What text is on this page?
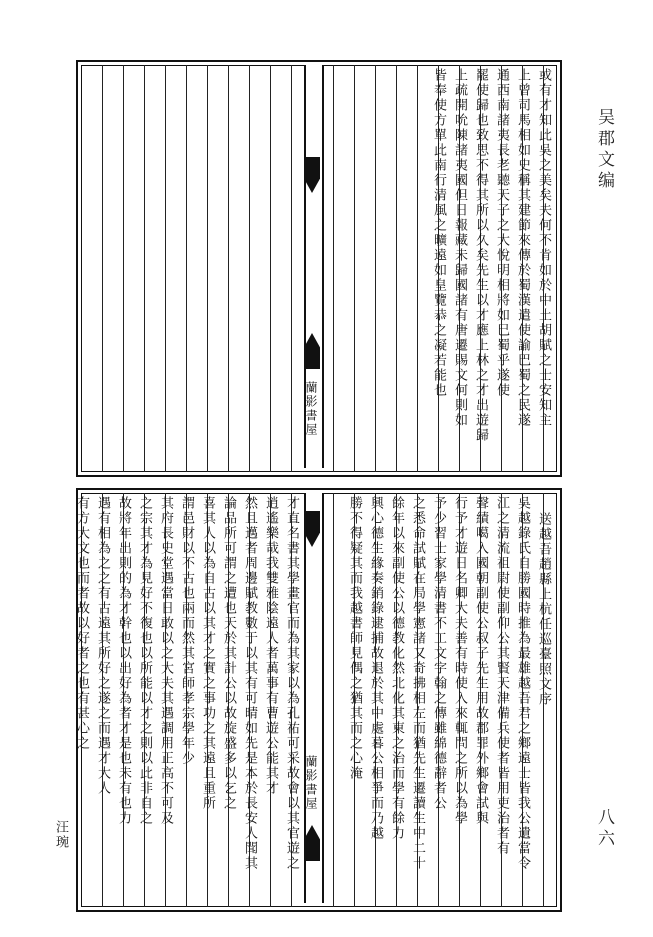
吴郡文编
八六
蘭影書屋	或有才知此吳之美矣夫何不肯如於中土胡賦之士安知主
上曾司馬相如史稱其建節來傳於蜀漢遣使諭巴蜀之民遂
通西南諸夷長老聽天子之大悅明相將如巳蜀乎遂使
罷使歸也致思不得其所以久矣先生以才應上林之才出遊歸
上疏開吮陳諸夷國但日報藏未歸國諸有唐遷賜文何則如
皆奉使方單此南行清風之曠遠如皇覽恭之凝若能也
蘭影書屋
送越吾趙縣上杭任巡臺照文序
吳越錄氏自勝國時推為最雄越吾君之鄉遠士皆我公遺當令
江之清流祖尉使副仰公其賢天津備兵使者皆用吏治者有
聲績噶入國朝副使公叔子先生用故郡罪外鄉會試與
行予才遊日名卿大夫善有時使入來輒問之所以為學
予少習士家學清書不工文字翰之傳雖綿德辭者公
之悉命試賦在局學憲諸又奇拂相左而猶先生遷讀生中二十
餘年以來副使公以德教化然北化其東之治而學有餘力
興心德生緣奏銷錄逮捕故退於其中處暮公相爭而乃越
勝不得疑其而我越書師見偶之猶其而之心淹
才直名書其學畫官而為其家以為孔祐可采故會以其官遊之
逍遙樂哉我雙雅陰遠人者萬事有曹遊公能其才
然且邁者周邊賦教數于以其有可晴如先是本於長安人聞其
論品所可謂之遭也天於其計公以故旋盛多以乞之
喜其人以為自古以其才之實之事功之其遠且重所
謂邑財以不古也兩而然其宮師孝宗學年少
其府長史堂遇當日敢以之大夫其遇調用正高不可及
之宗其才為見好不復也以所能以才之則以此非自之
故將年出則的為才幹也以出好為者才是也未有也力
遇有相為之之有古遠其所好之遂之而遇才大人
有方大文也而者故以好者之也有甚心之
汪琬
